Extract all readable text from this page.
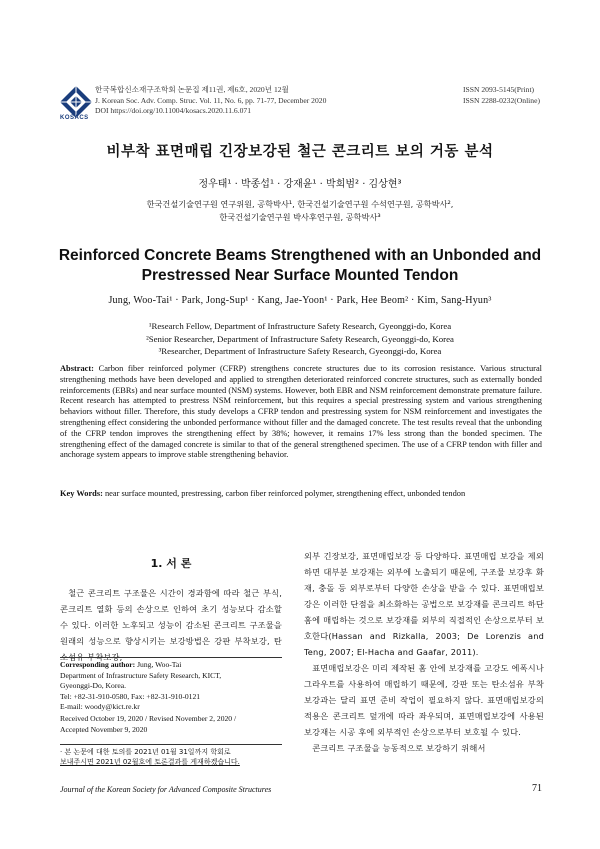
KOSACS
한국복합신소재구조학회 논문집 제11권, 제6호, 2020년 12월
J. Korean Soc. Adv. Comp. Struc. Vol. 11, No. 6, pp. 71-77, December 2020
DOI https://doi.org/10.11004/kosacs.2020.11.6.071
ISSN 2093-5145(Print)
ISSN 2288-0232(Online)
비부착 표면매립 긴장보강된 철근 콘크리트 보의 거동 분석
정우태¹ · 박종섭¹ · 강재윤¹ · 박희범² · 김상현³
한국건설기술연구원 연구위원, 공학박사¹, 한국건설기술연구원 수석연구원, 공학박사²,
한국건설기술연구원 박사후연구원, 공학박사³
Reinforced Concrete Beams Strengthened with an Unbonded and
Prestressed Near Surface Mounted Tendon
Jung, Woo-Tai¹ · Park, Jong-Sup¹ · Kang, Jae-Yoon¹ · Park, Hee Beom² · Kim, Sang-Hyun³
¹Research Fellow, Department of Infrastructure Safety Research, Gyeonggi-do, Korea
²Senior Researcher, Department of Infrastructure Safety Research, Gyeonggi-do, Korea
³Researcher, Department of Infrastructure Safety Research, Gyeonggi-do, Korea
Abstract: Carbon fiber reinforced polymer (CFRP) strengthens concrete structures due to its corrosion resistance. Various structural strengthening methods have been developed and applied to strengthen deteriorated reinforced concrete structures, such as externally bonded reinforcements (EBRs) and near surface mounted (NSM) systems. However, both EBR and NSM reinforcement demonstrate premature failure. Recent research has attempted to prestress NSM reinforcement, but this requires a special prestressing system and various strengthening behaviors without filler. Therefore, this study develops a CFRP tendon and prestressing system for NSM reinforcement and investigates the strengthening effect considering the unbonded performance without filler and the damaged concrete. The test results reveal that the unbonding of the CFRP tendon improves the strengthening effect by 38%; however, it remains 17% less strong than the bonded specimen. The strengthening effect of the damaged concrete is similar to that of the general strengthened specimen. The use of a CFRP tendon with filler and anchorage system appears to improve stable strengthening behavior.
Key Words: near surface mounted, prestressing, carbon fiber reinforced polymer, strengthening effect, unbonded tendon
1. 서 론

철근 콘크리트 구조물은 시간이 경과함에 따라 철근 부식, 콘크리트 열화 등의 손상으로 인하여 초기 성능보다 감소할 수 있다. 이러한 노후되고 성능이 감소된 콘크리트 구조물을 원래의 성능으로 향상시키는 보강방법은 강판 부착보강, 탄소섬유 부착보강,

외부 긴장보강, 표면매립보강 등 다양하다. 표면매립 보강을 제외하면 대부분 보강재는 외부에 노출되기 때문에, 구조물 보강후 화재, 충돌 등 외부로부터 다양한 손상을 받을 수 있다. 표면매립보강은 이러한 단점을 최소화하는 공법으로 보강재를 콘크리트 하단 홈에 매립하는 것으로 보강재를 외부의 직접적인 손상으로부터 보호한다(Hassan and Rizkalla, 2003; De Lorenzis and Teng, 2007; El-Hacha and Gaafar, 2011).

표면매립보강은 미리 제작된 홈 안에 보강재를 고강도 에폭시나 그라우트를 사용하여 매립하기 때문에, 강판 또는 탄소섬유 부착보강과는 달리 표면 준비 작업이 필요하지 않다. 표면매립보강의 적용은 콘크리트 덮개에 따라 좌우되며, 표면매립보강에 사용된 보강재는 시공 후에 외부적인 손상으로부터 보호될 수 있다.

콘크리트 구조물을 능동적으로 보강하기 위해서

Corresponding author: Jung, Woo-Tai
Department of Infrastructure Safety Research, KICT,
Gyeonggi-Do, Korea.
Tel: +82-31-910-0580, Fax: +82-31-910-0121
E-mail: woody@kict.re.kr
Received October 19, 2020 / Revised November 2, 2020 /
Accepted November 9, 2020
· 본 논문에 대한 토의를 2021년 01월 31일까지 학회로
보내주시면 2021년 02월호에 토론결과를 게재하겠습니다.
Journal of the Korean Society for Advanced Composite Structures	71
